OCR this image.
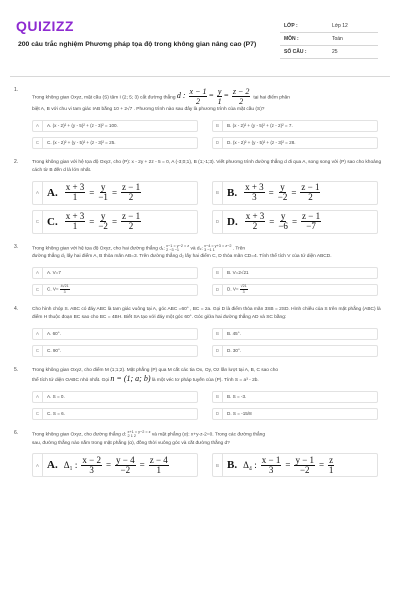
QUIZIZZ
200 câu trắc nghiệm Phương pháp tọa độ trong không gian nâng cao (P7)
LỚP :	Lớp 12
MÔN :	Toán
SỐ CÂU :	25
1.
Trong không gian Oxyz, mặt cầu (S) tâm I (2; 5; 3) cắt đường thẳng d : $\frac{x - 1}{2} = \frac{y}{1} = \frac{z - 2}{2}$ tại hai điểm phân
biệt A, B với chu vi tam giác IAB bằng 10 + 2√7 . Phương trình nào sau đây là phương trình của mặt cầu (S)?
A	A. (x - 2)² + (y - 5)² + (z - 3)² = 100.	B	B. (x - 2)² + (y - 5)² + (z - 2)² = 7.
C	C. (x - 2)² + (y - 5)² + (z - 3)² = 25.	D	D. (x - 2)² + (y - 5)² + (z - 3)² = 28.
2.	Trong không gian với hệ tọa độ Oxyz, cho (P): x - 2y + 2z - 5 = 0, A (-3;0;1), B (1;-1;3). Viết phương trình đường thẳng d đi qua A, song song với (P) sao cho khoảng cách từ B đến d là lớn nhất.
A A. $\frac{x + 3}{1} = \frac{y}{-1} = \frac{z - 1}{2}$	B B. $\frac{x + 3}{3} = \frac{y}{-2} = \frac{z - 1}{2}$
C C. $\frac{x + 3}{1} = \frac{y}{-2} = \frac{z - 1}{2}$	D D. $\frac{x + 3}{2} = \frac{y}{-6} = \frac{z - 1}{-7}$
3.	Trong không gian với hệ tọa độ Oxyz, cho hai đường thẳng d₁:
x−1 = y−2 = z
2 −3 −1	và d₂:
x−4 = y+3 = z−2
3 −1 1	. Trên
đường thẳng d₁ lấy hai điểm A, B thỏa mãn AB=3. Trên đường thẳng d₂ lấy hai điểm C, D thỏa mãn CD=4. Tính thể tích V của tứ diện ABCD.
A	A. V=7	B	B. V=2√21
C	C. $V= \frac{4√21}{3}$	D	D. $V= \frac{√21}{3}$
4.	Cho hình chóp S. ABC có đáy ABC là tam giác vuông tại A, góc ABC =60° , BC = 2a. Gọi D là điểm thỏa mãn 3SB = 2SD. Hình chiếu của S trên mặt phẳng (ABC) là điểm H thuộc đoạn BC sao cho BC = 4BH. Biết SA tạo với đáy một góc 60°. Góc giữa hai đường thẳng AD và SC bằng:
A	A. 60°.	B	B. 45°.
C	C. 90°.	D	D. 30°.
5.	Trong không gian Oxyz, cho điểm M (1;1;2). Mặt phẳng (P) qua M cắt các tia Ox, Oy, Oz lần lượt tại A, B, C sao cho
thể tích tứ diện OABC nhỏ nhất. Gọi n = (1; a; b) là một véc tơ pháp tuyến của (P). Tính S = a³ - 2b.
A	A. S = 0.	B	B. S = -3.
C	C. S = 6.	D	D. S = -15/8
6.	Trong không gian Oxyz, cho đường thẳng d:
x+1 = y−2 = z
2 1 2	và mặt phẳng (α): x+y-z-2=0. Trong các đường thẳng
sau, đường thẳng nào nằm trong mặt phẳng (α), đồng thời vuông góc và cắt đường thẳng d?
A A. Δ₁ : $\frac{x - 2}{3} = \frac{y - 4}{-2} = \frac{z - 4}{1}$	B B. Δ₄ : $\frac{x - 1}{3} = \frac{y - 1}{-2} = \frac{z}{1}$
